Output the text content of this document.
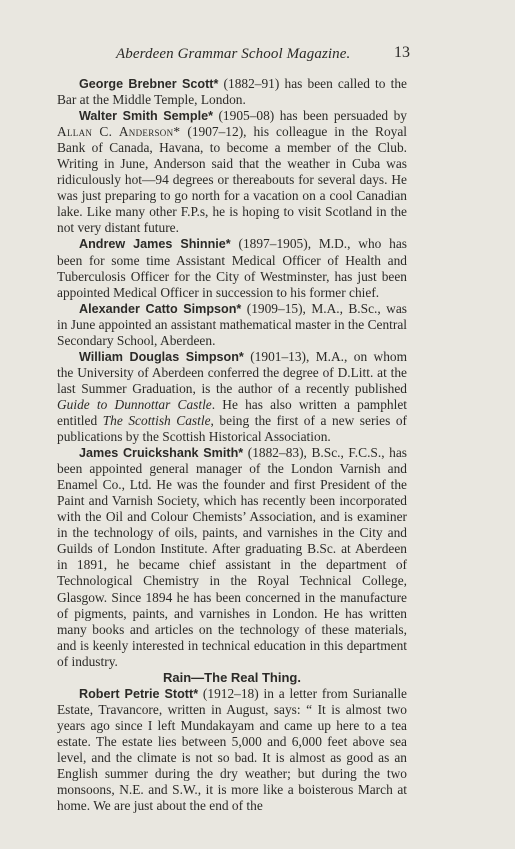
Aberdeen Grammar School Magazine.	13

George Brebner Scott* (1882–91) has been called to the Bar at the Middle Temple, London.

Walter Smith Semple* (1905–08) has been persuaded by Allan C. Anderson* (1907–12), his colleague in the Royal Bank of Canada, Havana, to become a member of the Club. Writing in June, Anderson said that the weather in Cuba was ridiculously hot—94 degrees or thereabouts for several days. He was just preparing to go north for a vacation on a cool Canadian lake. Like many other F.P.s, he is hoping to visit Scotland in the not very distant future.

Andrew James Shinnie* (1897–1905), M.D., who has been for some time Assistant Medical Officer of Health and Tuberculosis Officer for the City of Westminster, has just been appointed Medical Officer in succession to his former chief.

Alexander Catto Simpson* (1909–15), M.A., B.Sc., was in June appointed an assistant mathematical master in the Central Secondary School, Aberdeen.

William Douglas Simpson* (1901–13), M.A., on whom the University of Aberdeen conferred the degree of D.Litt. at the last Summer Graduation, is the author of a recently published Guide to Dunnottar Castle. He has also written a pamphlet entitled The Scottish Castle, being the first of a new series of publications by the Scottish Historical Association.

James Cruickshank Smith* (1882–83), B.Sc., F.C.S., has been appointed general manager of the London Varnish and Enamel Co., Ltd. He was the founder and first President of the Paint and Varnish Society, which has recently been incorporated with the Oil and Colour Chemists’ Association, and is examiner in the technology of oils, paints, and varnishes in the City and Guilds of London Institute. After graduating B.Sc. at Aberdeen in 1891, he became chief assistant in the department of Technological Chemistry in the Royal Technical College, Glasgow. Since 1894 he has been concerned in the manufacture of pigments, paints, and varnishes in London. He has written many books and articles on the technology of these materials, and is keenly interested in technical education in this department of industry.

Rain—The Real Thing.

Robert Petrie Stott* (1912–18) in a letter from Surianalle Estate, Travancore, written in August, says: “ It is almost two years ago since I left Mundakayam and came up here to a tea estate. The estate lies between 5,000 and 6,000 feet above sea level, and the climate is not so bad. It is almost as good as an English summer during the dry weather; but during the two monsoons, N.E. and S.W., it is more like a boisterous March at home. We are just about the end of the
